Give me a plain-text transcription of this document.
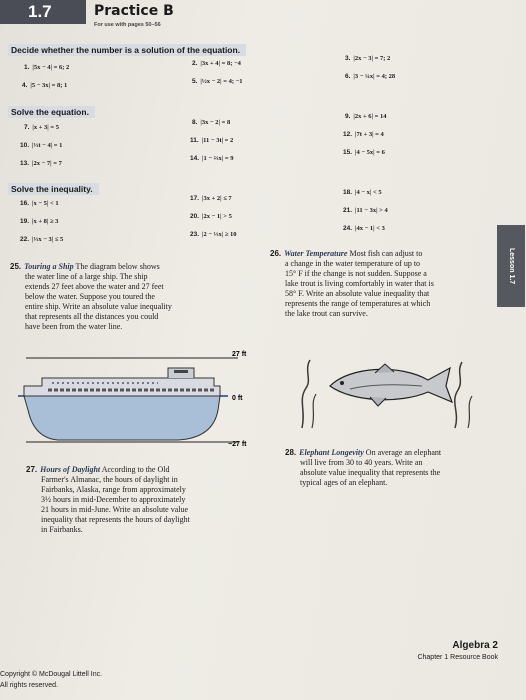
1.7	Practice B
For use with pages 50–56
Decide whether the number is a solution of the equation.
1. |5x − 4| = 6; 2
2. |3x + 4| = 8; −4
3. |2x − 3| = 7; 2
4. |5 − 3x| = 8; 1
5. |½x − 2| = 4; −1
6. |3 − ¼x| = 4; 28
Solve the equation.
7. |x + 3| = 5
8. |3x − 2| = 8
9. |2x + 6| = 14
10. |⅓t − 4| = 1
11. |11 − 3t| = 2
12. |7t + 3| = 4
13. |2x − 7| = 7
14. |1 − ⅔x| = 9
15. |4 − 5x| = 6
Solve the inequality.
16. |x − 5| < 1
17. |3x + 2| ≤ 7
18. |4 − x| < 5
19. |x + 8| ≥ 3
20. |2x − 1| > 5
21. |11 − 3x| > 4
22. |⅓x − 3| ≤ 5
23. |2 − ⅓x| ≥ 10
24. |4x − 1| < 3
25. Touring a Ship The diagram below shows
the water line of a large ship. The ship
extends 27 feet above the water and 27 feet
below the water. Suppose you toured the
entire ship. Write an absolute value inequality
that represents all the distances you could
have been from the water line.
27 ft
0 ft
−27 ft
26. Water Temperature Most fish can adjust to
a change in the water temperature of up to
15° F if the change is not sudden. Suppose a
lake trout is living comfortably in water that is
58° F. Write an absolute value inequality that
represents the range of temperatures at which
the lake trout can survive.
Lesson 1.7
27. Hours of Daylight According to the Old
Farmer's Almanac, the hours of daylight in
Fairbanks, Alaska, range from approximately
3½ hours in mid-December to approximately
21 hours in mid-June. Write an absolute value
inequality that represents the hours of daylight
in Fairbanks.
28. Elephant Longevity On average an elephant
will live from 30 to 40 years. Write an
absolute value inequality that represents the
typical ages of an elephant.
Copyright © McDougal Littell Inc.
All rights reserved.
Algebra 2
Chapter 1 Resource Book
